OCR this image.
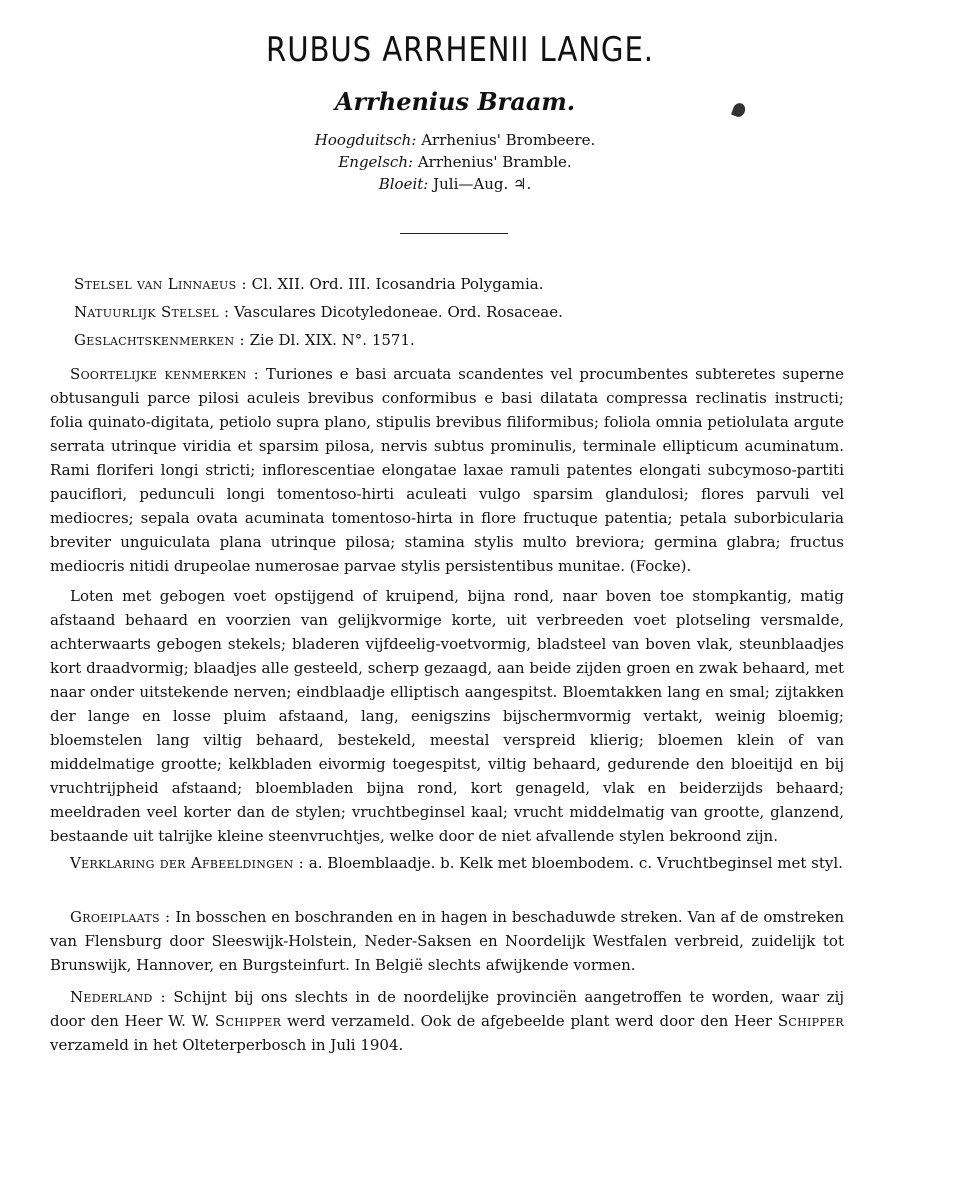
RUBUS ARRHENII LANGE.
Arrhenius Braam.
Hoogduitsch: Arrhenius' Brombeere.
Engelsch: Arrhenius' Bramble.
Bloeit: Juli—Aug. ♃.
Stelsel van Linnaeus : Cl. XII. Ord. III. Icosandria Polygamia.
Natuurlijk Stelsel : Vasculares Dicotyledoneae. Ord. Rosaceae.
Geslachtskenmerken : Zie Dl. XIX. N°. 1571.

Soortelijke kenmerken : Turiones e basi arcuata scandentes vel procumbentes subteretes superne obtusanguli parce pilosi aculeis brevibus conformibus e basi dilatata compressa reclinatis instructi; folia quinato-digitata, petiolo supra plano, stipulis brevibus filiformibus; foliola omnia petiolulata argute serrata utrinque viridia et sparsim pilosa, nervis subtus prominulis, terminale ellipticum acuminatum. Rami floriferi longi stricti; inflorescentiae elongatae laxae ramuli patentes elongati subcymoso-partiti pauciflori, pedunculi longi tomentoso-hirti aculeati vulgo sparsim glandulosi; flores parvuli vel mediocres; sepala ovata acuminata tomentoso-hirta in flore fructuque patentia; petala suborbicularia breviter unguiculata plana utrinque pilosa; stamina stylis multo breviora; germina glabra; fructus mediocris nitidi drupeolae numerosae parvae stylis persistentibus munitae. (Focke).

Loten met gebogen voet opstijgend of kruipend, bijna rond, naar boven toe stompkantig, matig afstaand behaard en voorzien van gelijkvormige korte, uit verbreeden voet plotseling versmalde, achterwaarts gebogen stekels; bladeren vijfdeelig-voetvormig, bladsteel van boven vlak, steunblaadjes kort draadvormig; blaadjes alle gesteeld, scherp gezaagd, aan beide zijden groen en zwak behaard, met naar onder uitstekende nerven; eindblaadje elliptisch aangespitst. Bloemtakken lang en smal; zijtakken der lange en losse pluim afstaand, lang, eenigszins bijschermvormig vertakt, weinig bloemig; bloemstelen lang viltig behaard, bestekeld, meestal verspreid klierig; bloemen klein of van middelmatige grootte; kelkbladen eivormig toegespitst, viltig behaard, gedurende den bloeitijd en bij vruchtrijpheid afstaand; bloembladen bijna rond, kort genageld, vlak en beiderzijds behaard; meeldraden veel korter dan de stylen; vruchtbeginsel kaal; vrucht middelmatig van grootte, glanzend, bestaande uit talrijke kleine steenvruchtjes, welke door de niet afvallende stylen bekroond zijn.

Verklaring der Afbeeldingen : a. Bloemblaadje. b. Kelk met bloembodem. c. Vruchtbeginsel met styl.

Groeiplaats : In bosschen en boschranden en in hagen in beschaduwde streken. Van af de omstreken van Flensburg door Sleeswijk-Holstein, Neder-Saksen en Noordelijk Westfalen verbreid, zuidelijk tot Brunswijk, Hannover, en Burgsteinfurt. In België slechts afwijkende vormen.

Nederland : Schijnt bij ons slechts in de noordelijke provinciën aangetroffen te worden, waar zij door den Heer W. W. Schipper werd verzameld. Ook de afgebeelde plant werd door den Heer Schipper verzameld in het Olteterperbosch in Juli 1904.
